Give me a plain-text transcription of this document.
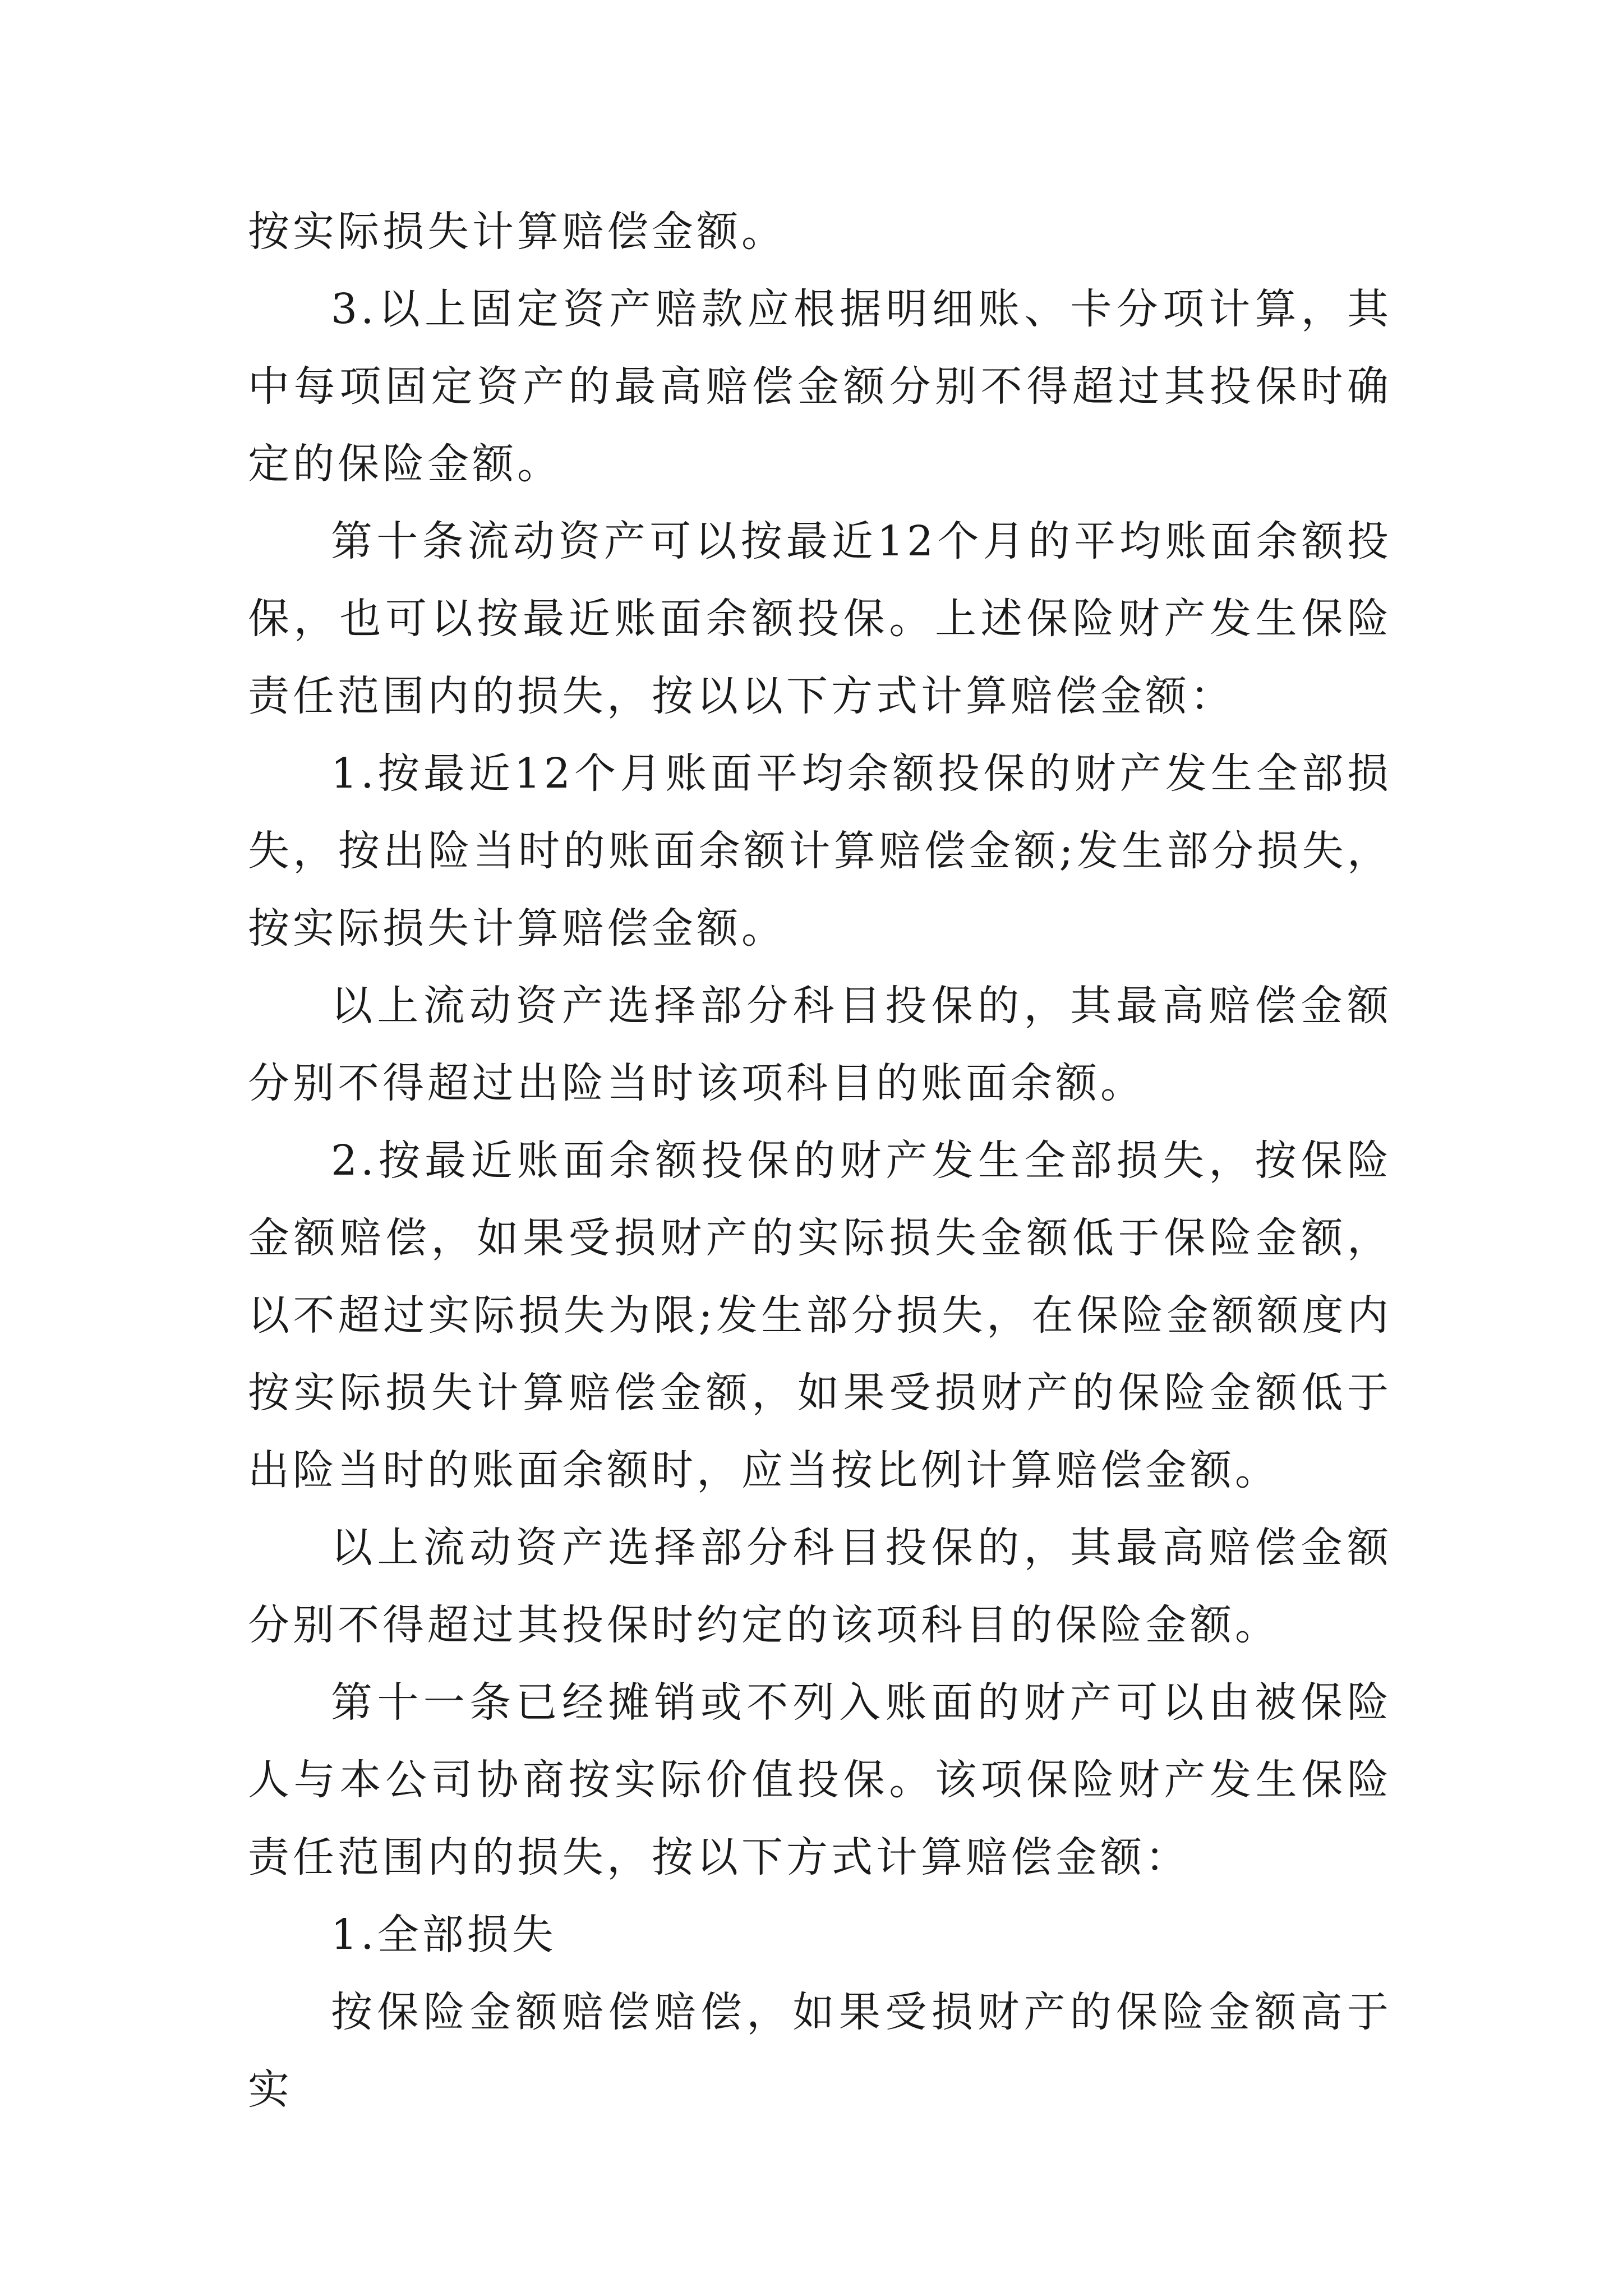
按实际损失计算赔偿金额。

3.以上固定资产赔款应根据明细账、卡分项计算，其中每项固定资产的最高赔偿金额分别不得超过其投保时确定的保险金额。

第十条流动资产可以按最近12个月的平均账面余额投保，也可以按最近账面余额投保。上述保险财产发生保险责任范围内的损失，按以以下方式计算赔偿金额：

1.按最近12个月账面平均余额投保的财产发生全部损失，按出险当时的账面余额计算赔偿金额;发生部分损失，按实际损失计算赔偿金额。

以上流动资产选择部分科目投保的，其最高赔偿金额分别不得超过出险当时该项科目的账面余额。

2.按最近账面余额投保的财产发生全部损失，按保险金额赔偿，如果受损财产的实际损失金额低于保险金额，以不超过实际损失为限;发生部分损失，在保险金额额度内按实际损失计算赔偿金额，如果受损财产的保险金额低于出险当时的账面余额时，应当按比例计算赔偿金额。

以上流动资产选择部分科目投保的，其最高赔偿金额分别不得超过其投保时约定的该项科目的保险金额。

第十一条已经摊销或不列入账面的财产可以由被保险人与本公司协商按实际价值投保。该项保险财产发生保险责任范围内的损失，按以下方式计算赔偿金额：

1.全部损失

按保险金额赔偿赔偿，如果受损财产的保险金额高于实
